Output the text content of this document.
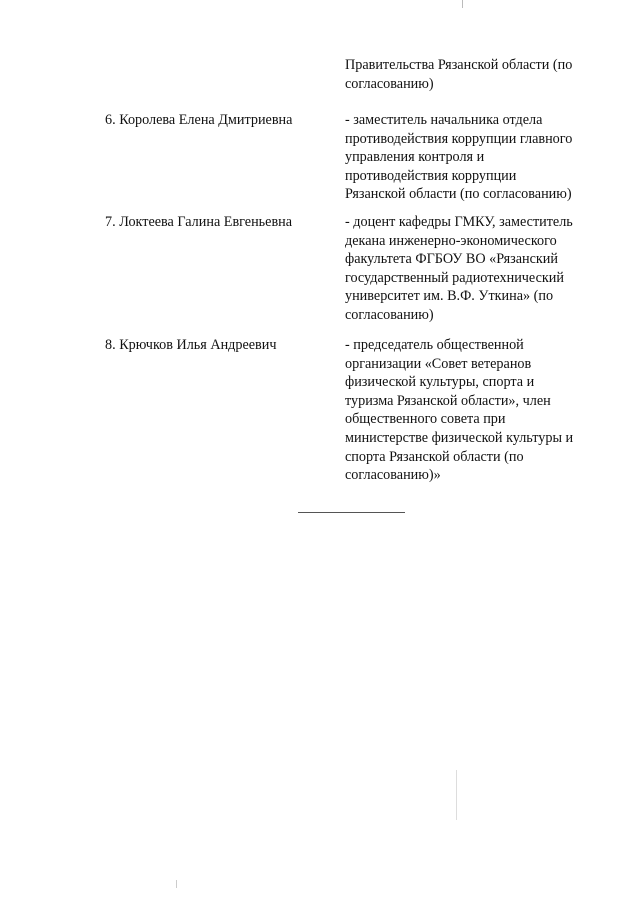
Правительства Рязанской области (по
согласованию)
6. Королева Елена Дмитриевна	- заместитель начальника отдела
противодействия коррупции главного
управления контроля и
противодействия коррупции
Рязанской области (по согласованию)
7. Локтеева Галина Евгеньевна	- доцент кафедры ГМКУ, заместитель
декана инженерно-экономического
факультета ФГБОУ ВО «Рязанский
государственный радиотехнический
университет им. В.Ф. Уткина» (по
согласованию)
8. Крючков Илья Андреевич	- председатель общественной
организации «Совет ветеранов
физической культуры, спорта и
туризма Рязанской области», член
общественного совета при
министерстве физической культуры и
спорта Рязанской области (по
согласованию)»
